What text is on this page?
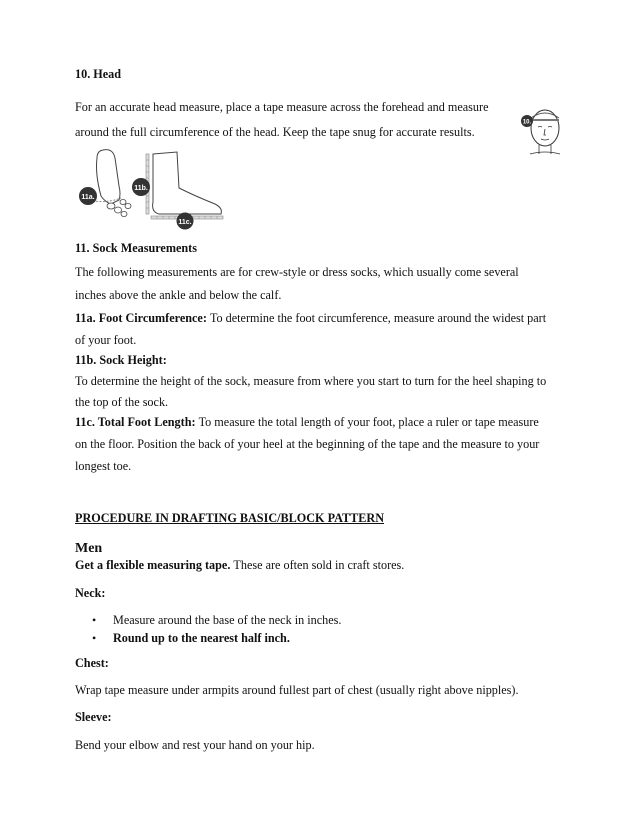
10. Head
For an accurate head measure, place a tape measure across the forehead and measure
around the full circumference of the head. Keep the tape snug for accurate results.
10.
11a.
11b.
11c.
11. Sock Measurements
The following measurements are for crew-style or dress socks, which usually come several
inches above the ankle and below the calf.
11a. Foot Circumference: To determine the foot circumference, measure around the widest part
of your foot.
11b. Sock Height:
To determine the height of the sock, measure from where you start to turn for the heel shaping to
the top of the sock.
11c. Total Foot Length: To measure the total length of your foot, place a ruler or tape measure
on the floor. Position the back of your heel at the beginning of the tape and the measure to your
longest toe.
PROCEDURE IN DRAFTING BASIC/BLOCK PATTERN
Men
Get a flexible measuring tape. These are often sold in craft stores.
Neck:
• Measure around the base of the neck in inches.
• Round up to the nearest half inch.
Chest:
Wrap tape measure under armpits around fullest part of chest (usually right above nipples).
Sleeve:
Bend your elbow and rest your hand on your hip.
